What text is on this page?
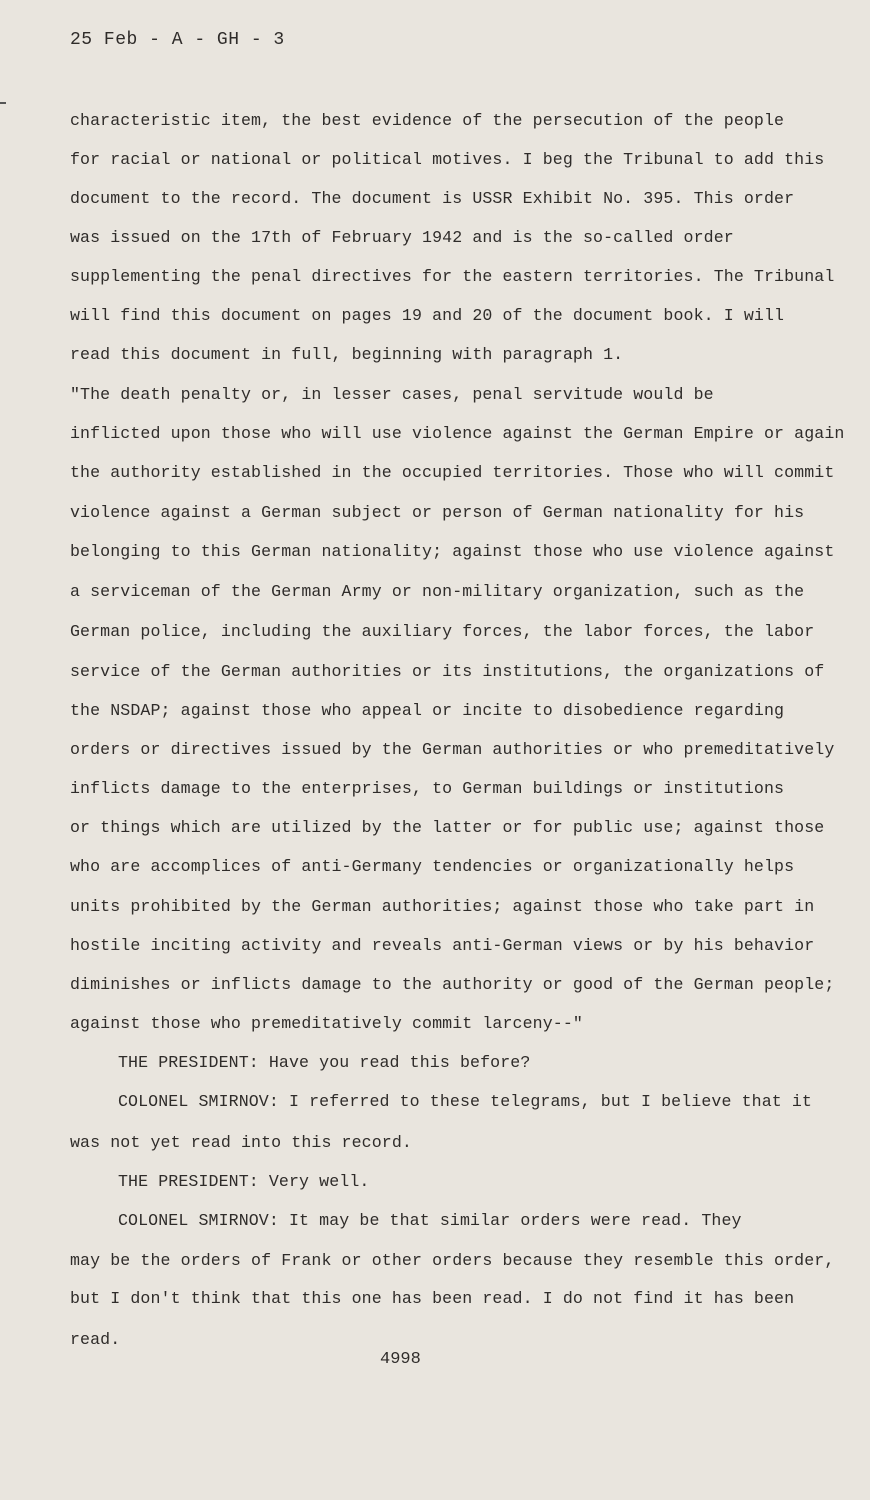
25 Feb - A - GH - 3
characteristic item, the best evidence of the persecution of the people
for racial or national or political motives. I beg the Tribunal to add this
document to the record. The document is USSR Exhibit No. 395. This order
was issued on the 17th of February 1942 and is the so-called order
supplementing the penal directives for the eastern territories. The Tribunal
will find this document on pages 19 and 20 of the document book. I will
read this document in full, beginning with paragraph 1.
"The death penalty or, in lesser cases, penal servitude would be
inflicted upon those who will use violence against the German Empire or again
the authority established in the occupied territories. Those who will commit
violence against a German subject or person of German nationality for his
belonging to this German nationality; against those who use violence against
a serviceman of the German Army or non-military organization, such as the
German police, including the auxiliary forces, the labor forces, the labor
service of the German authorities or its institutions, the organizations of
the NSDAP; against those who appeal or incite to disobedience regarding
orders or directives issued by the German authorities or who premeditatively
inflicts damage to the enterprises, to German buildings or institutions
or things which are utilized by the latter or for public use; against those
who are accomplices of anti-Germany tendencies or organizationally helps
units prohibited by the German authorities; against those who take part in
hostile inciting activity and reveals anti-German views or by his behavior
diminishes or inflicts damage to the authority or good of the German people;
against those who premeditatively commit larceny--"
THE PRESIDENT: Have you read this before?
COLONEL SMIRNOV: I referred to these telegrams, but I believe that it
was not yet read into this record.
THE PRESIDENT: Very well.
COLONEL SMIRNOV: It may be that similar orders were read. They
may be the orders of Frank or other orders because they resemble this order,
but I don't think that this one has been read. I do not find it has been
read.
4998
